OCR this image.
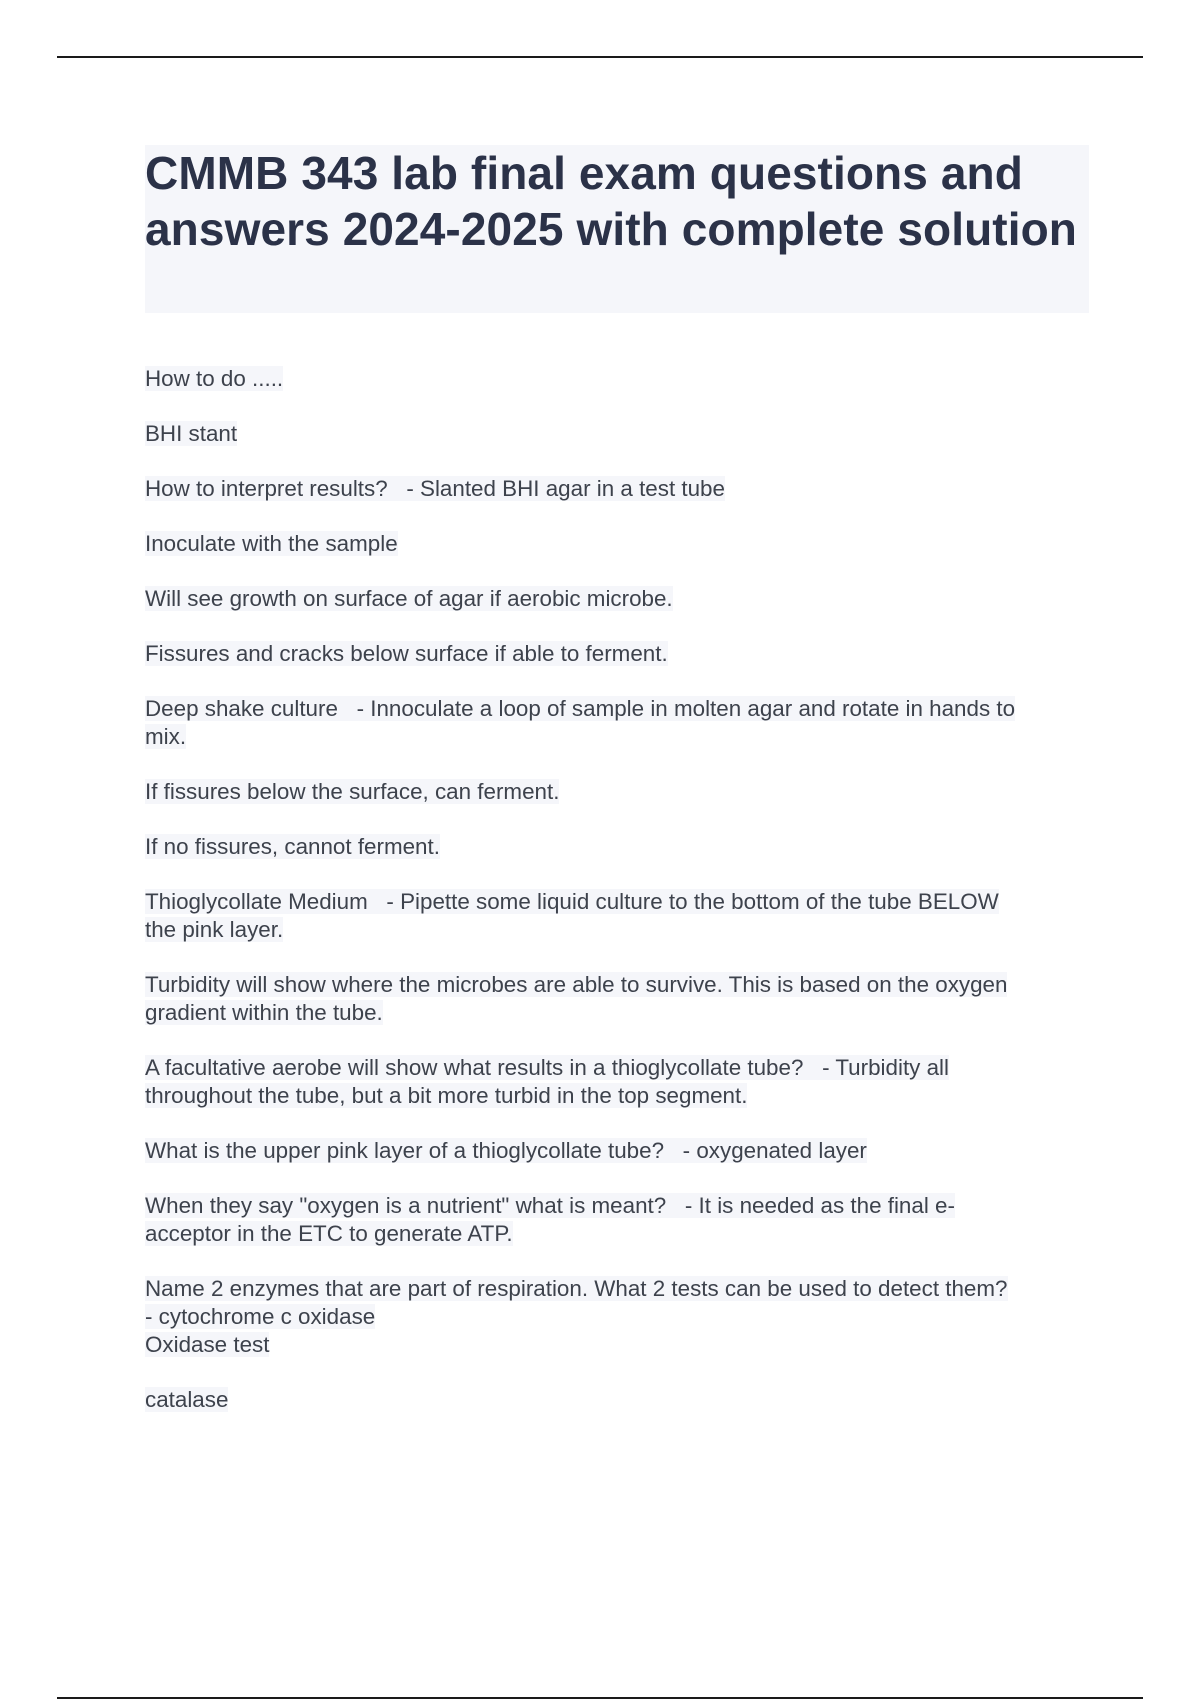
CMMB 343 lab final exam questions and answers 2024-2025 with complete solution

How to do .....

BHI stant

How to interpret results?   - Slanted BHI agar in a test tube

Inoculate with the sample

Will see growth on surface of agar if aerobic microbe.

Fissures and cracks below surface if able to ferment.

Deep shake culture   - Innoculate a loop of sample in molten agar and rotate in hands to
mix.

If fissures below the surface, can ferment.

If no fissures, cannot ferment.

Thioglycollate Medium   - Pipette some liquid culture to the bottom of the tube BELOW
the pink layer.

Turbidity will show where the microbes are able to survive. This is based on the oxygen
gradient within the tube.

A facultative aerobe will show what results in a thioglycollate tube?   - Turbidity all
throughout the tube, but a bit more turbid in the top segment.

What is the upper pink layer of a thioglycollate tube?   - oxygenated layer

When they say "oxygen is a nutrient" what is meant?   - It is needed as the final e-
acceptor in the ETC to generate ATP.

Name 2 enzymes that are part of respiration. What 2 tests can be used to detect them?
- cytochrome c oxidase
Oxidase test

catalase
